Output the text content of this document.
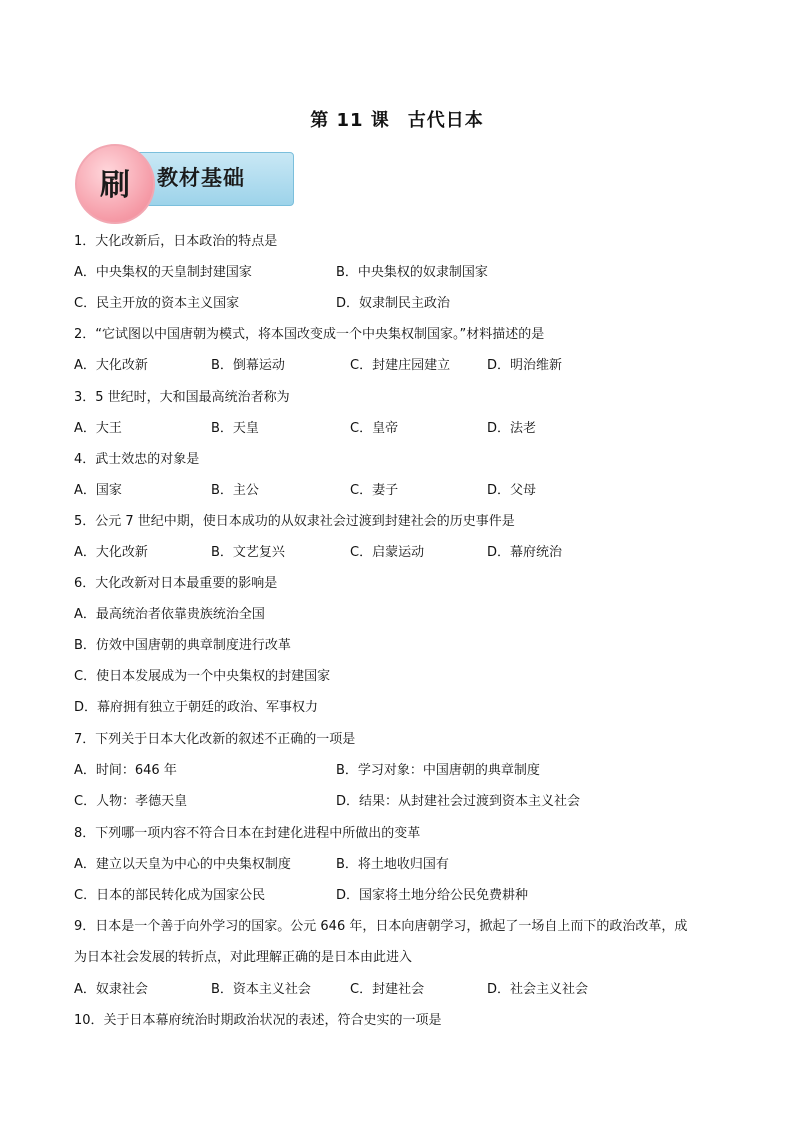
第 11 课 古代日本
刷	教材基础
1．大化改新后，日本政治的特点是
A．中央集权的天皇制封建国家	B．中央集权的奴隶制国家
C．民主开放的资本主义国家	D．奴隶制民主政治
2．“它试图以中国唐朝为模式，将本国改变成一个中央集权制国家。”材料描述的是
A．大化改新	B．倒幕运动	C．封建庄园建立	D．明治维新
3．5 世纪时，大和国最高统治者称为
A．大王	B．天皇	C．皇帝	D．法老
4．武士效忠的对象是
A．国家	B．主公	C．妻子	D．父母
5．公元 7 世纪中期，使日本成功的从奴隶社会过渡到封建社会的历史事件是
A．大化改新	B．文艺复兴	C．启蒙运动	D．幕府统治
6．大化改新对日本最重要的影响是
A．最高统治者依靠贵族统治全国
B．仿效中国唐朝的典章制度进行改革
C．使日本发展成为一个中央集权的封建国家
D．幕府拥有独立于朝廷的政治、军事权力
7．下列关于日本大化改新的叙述不正确的一项是
A．时间：646 年	B．学习对象：中国唐朝的典章制度
C．人物：孝德天皇	D．结果：从封建社会过渡到资本主义社会
8．下列哪一项内容不符合日本在封建化进程中所做出的变革
A．建立以天皇为中心的中央集权制度	B．将土地收归国有
C．日本的部民转化成为国家公民	D．国家将土地分给公民免费耕种
9．日本是一个善于向外学习的国家。公元 646 年，日本向唐朝学习，掀起了一场自上而下的政治改革，成
为日本社会发展的转折点，对此理解正确的是日本由此进入
A．奴隶社会	B．资本主义社会	C．封建社会	D．社会主义社会
10．关于日本幕府统治时期政治状况的表述，符合史实的一项是
